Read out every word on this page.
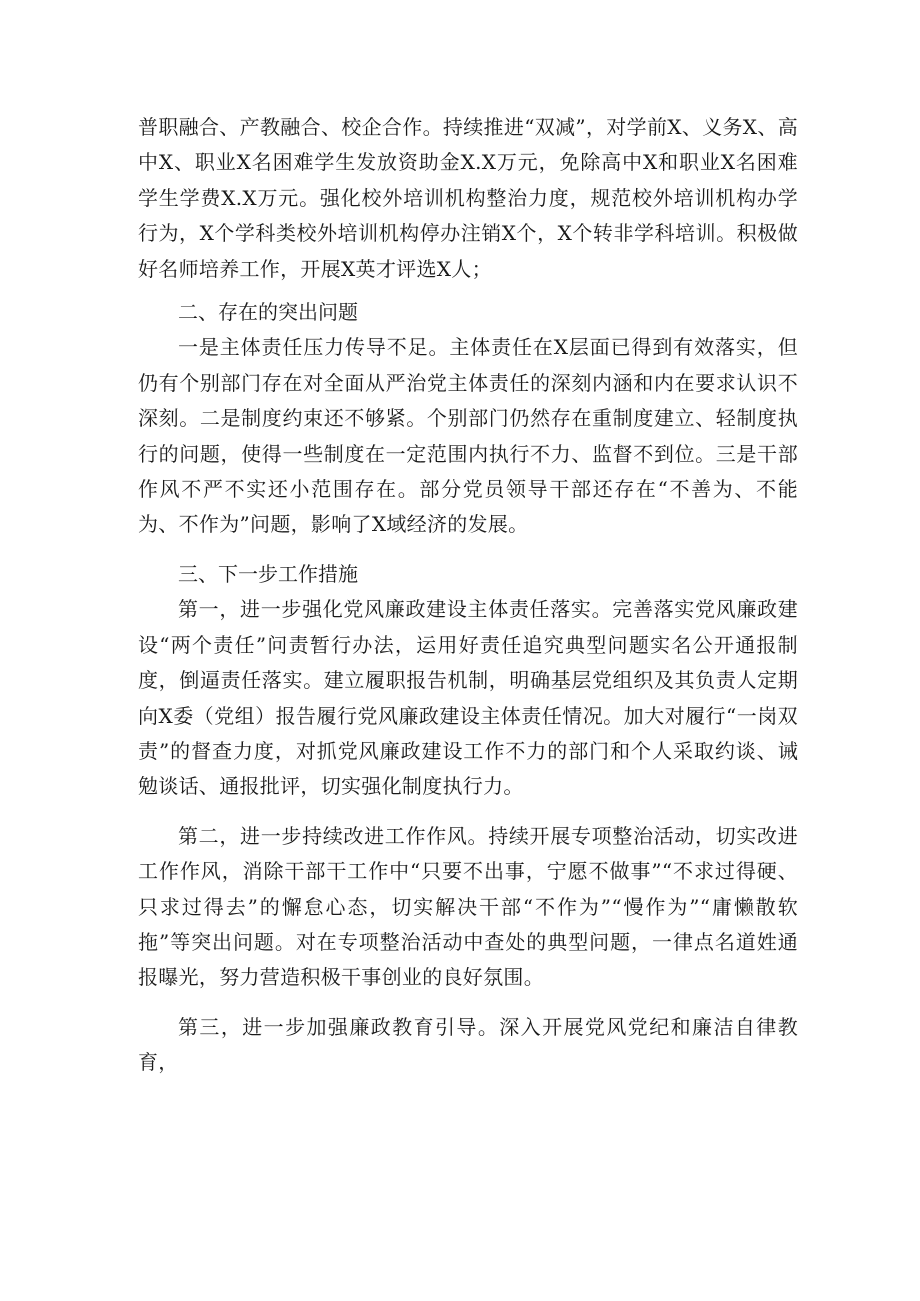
普职融合、产教融合、校企合作。持续推进“双减”，对学前X、义务X、高中X、职业X名困难学生发放资助金X.X万元，免除高中X和职业X名困难学生学费X.X万元。强化校外培训机构整治力度，规范校外培训机构办学行为，X个学科类校外培训机构停办注销X个，X个转非学科培训。积极做好名师培养工作，开展X英才评选X人；

二、存在的突出问题

一是主体责任压力传导不足。主体责任在X层面已得到有效落实，但仍有个别部门存在对全面从严治党主体责任的深刻内涵和内在要求认识不深刻。二是制度约束还不够紧。个别部门仍然存在重制度建立、轻制度执行的问题，使得一些制度在一定范围内执行不力、监督不到位。三是干部作风不严不实还小范围存在。部分党员领导干部还存在“不善为、不能为、不作为”问题，影响了X域经济的发展。

三、下一步工作措施

第一，进一步强化党风廉政建设主体责任落实。完善落实党风廉政建设“两个责任”问责暂行办法，运用好责任追究典型问题实名公开通报制度，倒逼责任落实。建立履职报告机制，明确基层党组织及其负责人定期向X委（党组）报告履行党风廉政建设主体责任情况。加大对履行“一岗双责”的督查力度，对抓党风廉政建设工作不力的部门和个人采取约谈、诫勉谈话、通报批评，切实强化制度执行力。

第二，进一步持续改进工作作风。持续开展专项整治活动，切实改进工作作风，消除干部干工作中“只要不出事，宁愿不做事”“不求过得硬、只求过得去”的懈怠心态，切实解决干部“不作为”“慢作为”“庸懒散软拖”等突出问题。对在专项整治活动中查处的典型问题，一律点名道姓通报曝光，努力营造积极干事创业的良好氛围。

第三，进一步加强廉政教育引导。深入开展党风党纪和廉洁自律教育，
